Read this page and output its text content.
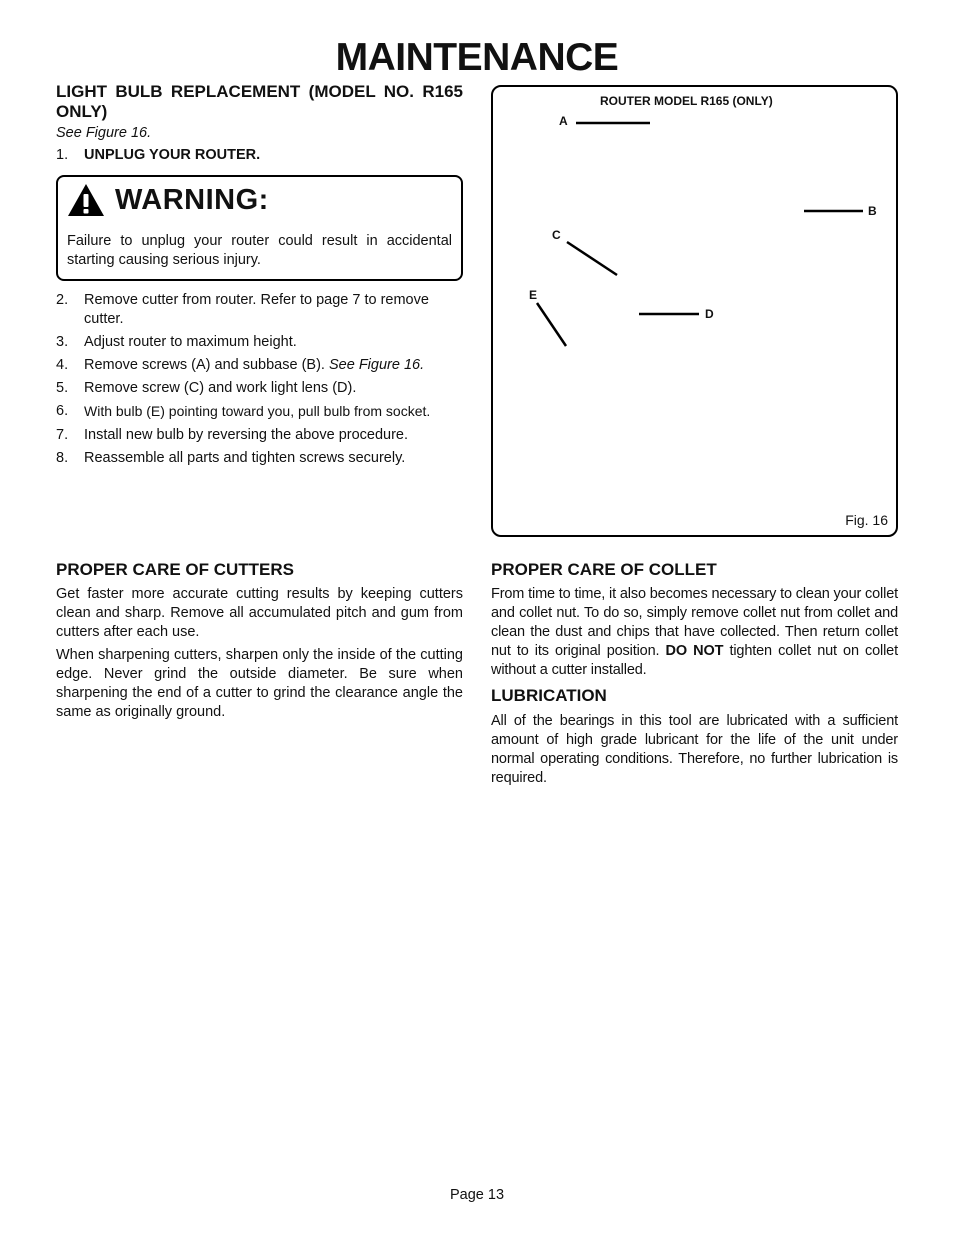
MAINTENANCE
LIGHT BULB REPLACEMENT (MODEL NO. R165 ONLY)
See Figure 16.
1. UNPLUG YOUR ROUTER.
WARNING:

Failure to unplug your router could result in accidental starting causing serious injury.

2. Remove cutter from router. Refer to page 7 to remove cutter.
3. Adjust router to maximum height.
4. Remove screws (A) and subbase (B). See Figure 16.
5. Remove screw (C) and work light lens (D).
6. With bulb (E) pointing toward you, pull bulb from socket.
7. Install new bulb by reversing the above procedure.
8. Reassemble all parts and tighten screws securely.
ROUTER MODEL R165 (ONLY)
A
B
C
D
E
Fig. 16
PROPER CARE OF CUTTERS

Get faster more accurate cutting results by keeping cutters clean and sharp. Remove all accumulated pitch and gum from cutters after each use.

When sharpening cutters, sharpen only the inside of the cutting edge. Never grind the outside diameter. Be sure when sharpening the end of a cutter to grind the clearance angle the same as originally ground.

PROPER CARE OF COLLET

From time to time, it also becomes necessary to clean your collet and collet nut. To do so, simply remove collet nut from collet and clean the dust and chips that have collected. Then return collet nut to its original position. DO NOT tighten collet nut on collet without a cutter installed.

LUBRICATION

All of the bearings in this tool are lubricated with a sufficient amount of high grade lubricant for the life of the unit under normal operating conditions. Therefore, no further lubrication is required.

Page 13
